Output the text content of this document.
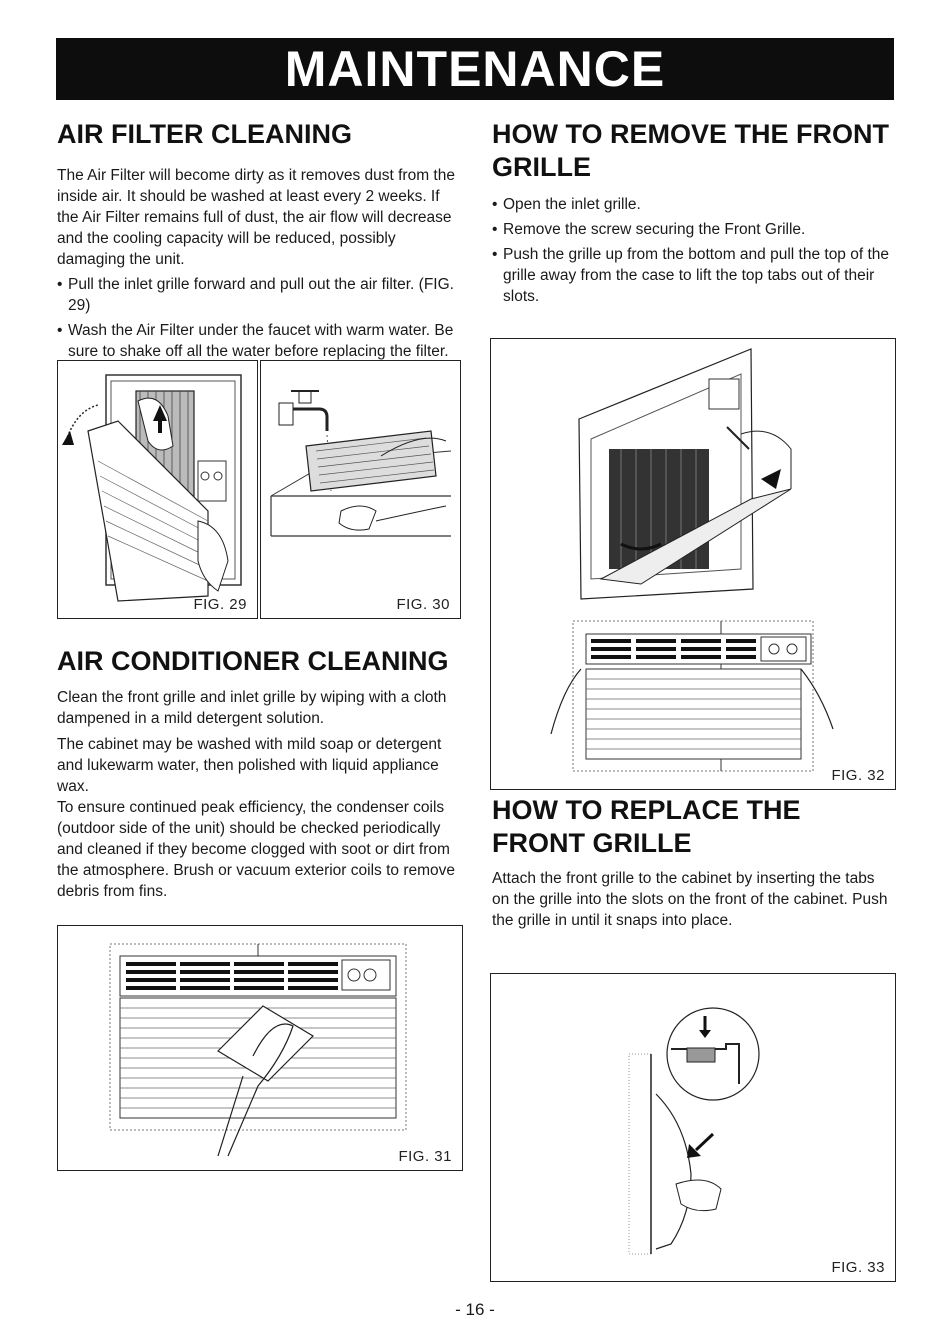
MAINTENANCE
AIR FILTER CLEANING

The Air Filter will become dirty as it removes dust from the inside air. It should be washed at least every 2 weeks. If the Air Filter remains full of dust, the air flow will decrease and the cooling capacity will be reduced, possibly damaging the unit.

• Pull the inlet grille forward and pull out the air filter. (FIG. 29)
• Wash the Air Filter under the faucet with warm water. Be sure to shake off all the water before replacing the filter.
FIG. 29	FIG. 30
AIR CONDITIONER CLEANING

Clean the front grille and inlet grille by wiping with a cloth dampened in a mild detergent solution.

The cabinet may be washed with mild soap or detergent and lukewarm water, then polished with liquid appliance wax.

To ensure continued peak efficiency, the condenser coils (outdoor side of the unit) should be checked periodically and cleaned if they become clogged with soot or dirt from the atmosphere. Brush or vacuum exterior coils to remove debris from fins.

FIG. 31
HOW TO REMOVE THE FRONT GRILLE
• Open the inlet grille.
• Remove the screw securing the Front Grille.
• Push the grille up from the bottom and pull the top of the grille away from the case to lift the top tabs out of their slots.
FIG. 32
HOW TO REPLACE THE FRONT GRILLE

Attach the front grille to the cabinet by inserting the tabs on the grille into the slots on the front of the cabinet. Push the grille in until it snaps into place.

FIG. 33
- 16 -
